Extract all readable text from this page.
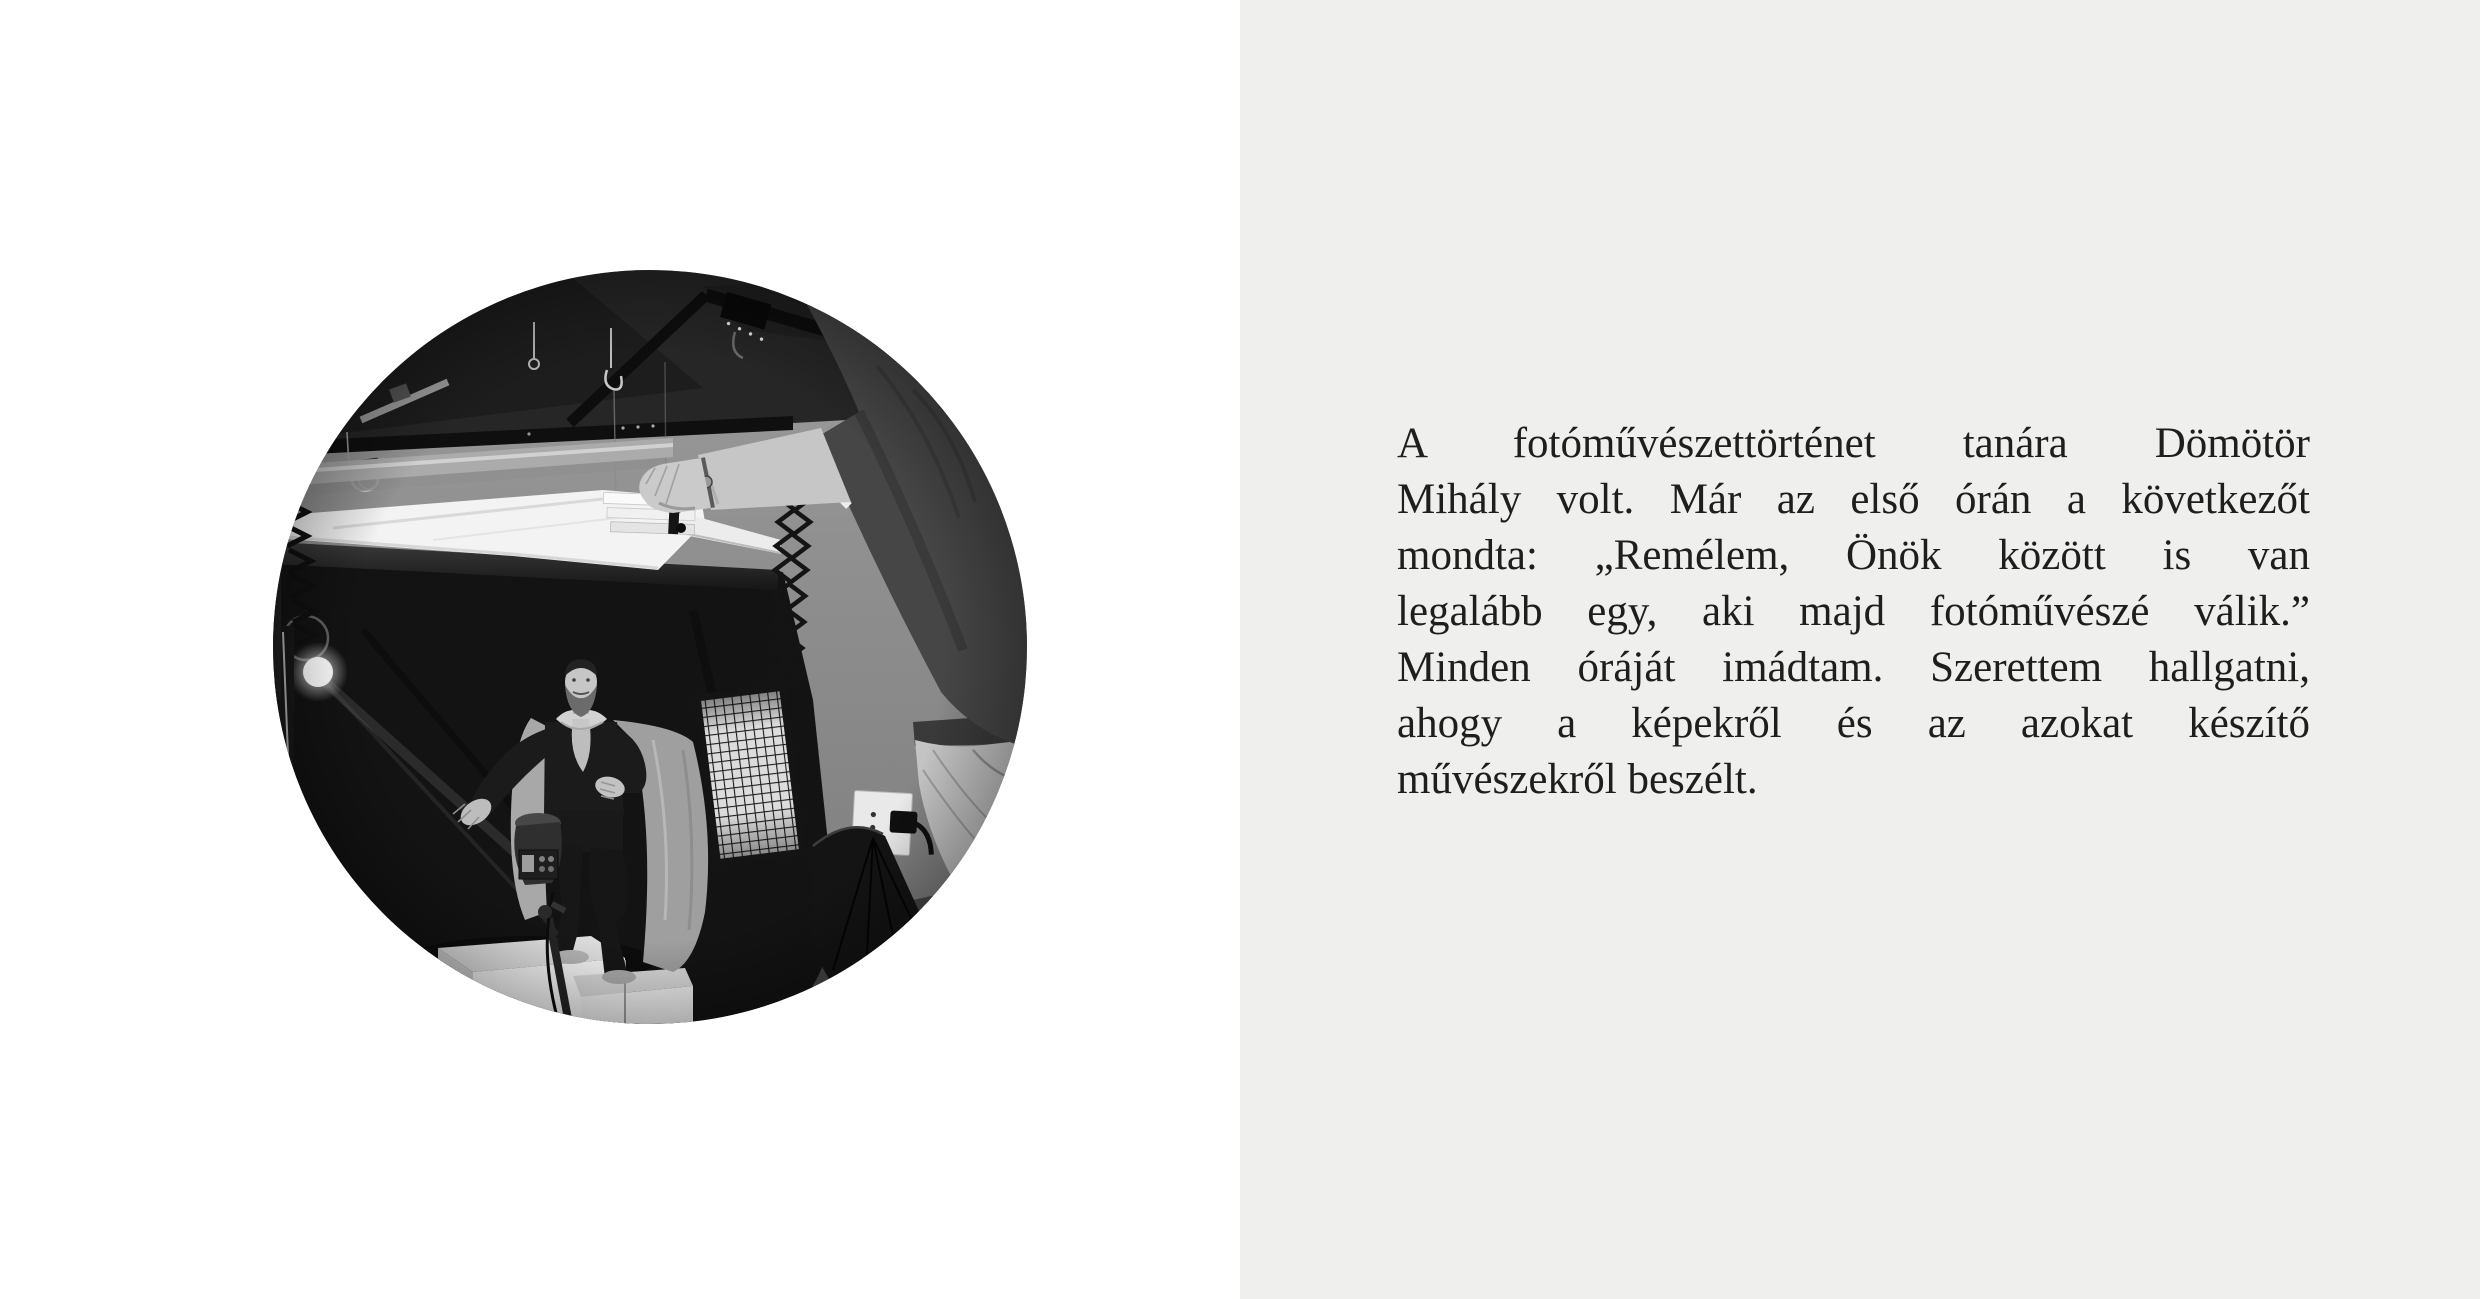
A fotóművészettörténet tanára Dömötör
Mihály volt. Már az első órán a következőt
mondta: „Remélem, Önök között is van
legalább egy, aki majd fotóművészé válik.”
Minden óráját imádtam. Szerettem hallgatni,
ahogy a képekről és az azokat készítő
művészekről beszélt.
